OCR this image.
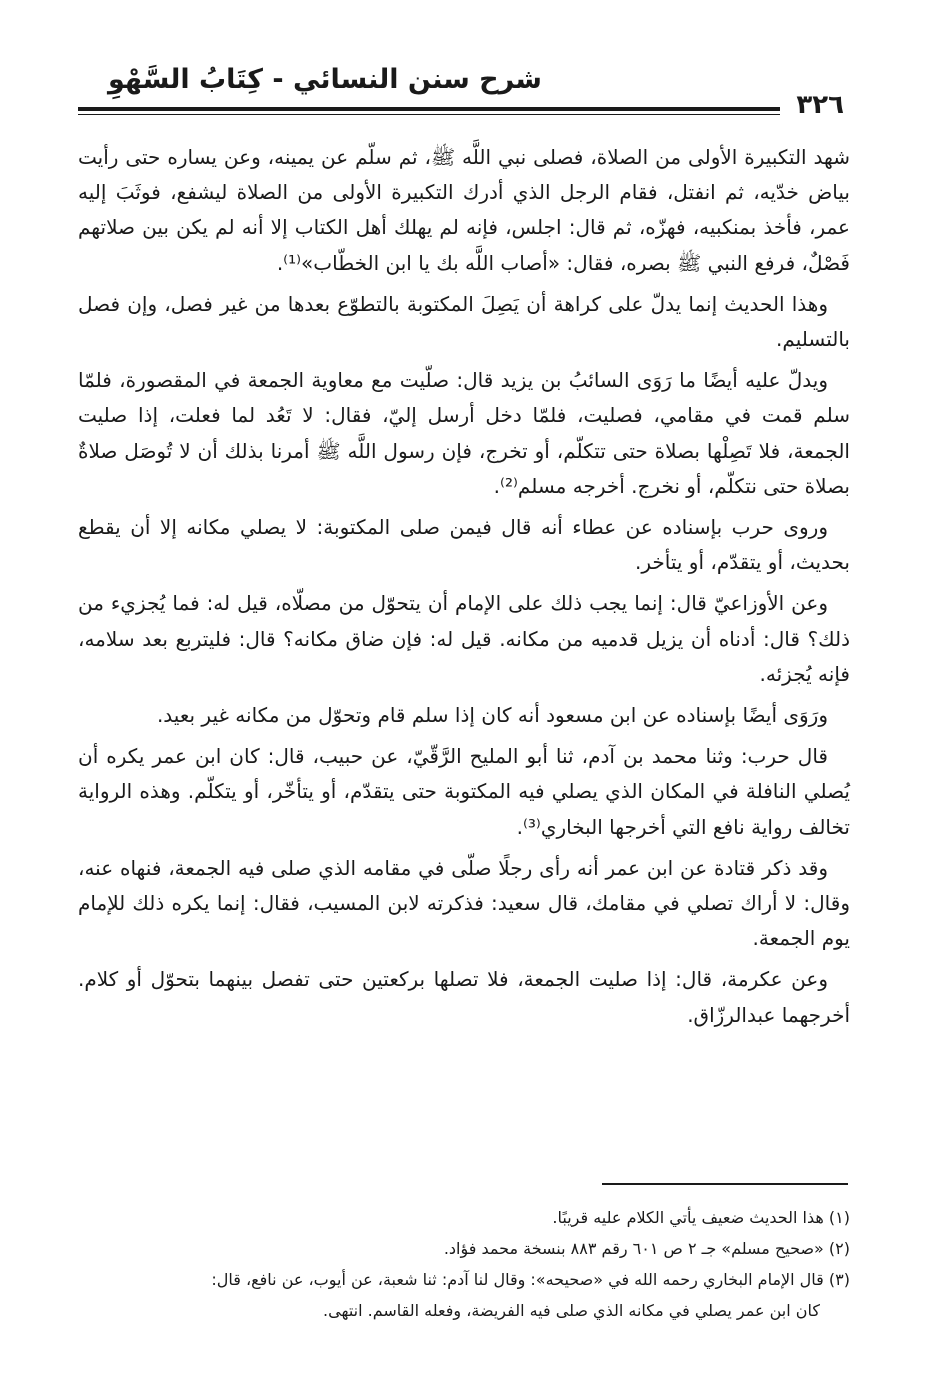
شرح سنن النسائي - كِتَابُ السَّهْوِ
٣٢٦

شهد التكبيرة الأولى من الصلاة، فصلى نبي اللَّه ﷺ، ثم سلّم عن يمينه، وعن يساره حتى رأيت بياض خدّيه، ثم انفتل، فقام الرجل الذي أدرك التكبيرة الأولى من الصلاة ليشفع، فوثَبَ إليه عمر، فأخذ بمنكبيه، فهزّه، ثم قال: اجلس، فإنه لم يهلك أهل الكتاب إلا أنه لم يكن بين صلاتهم فَصْلٌ، فرفع النبي ﷺ بصره، فقال: «أصاب اللَّه بك يا ابن الخطّاب»⁽¹⁾.

وهذا الحديث إنما يدلّ على كراهة أن يَصِلَ المكتوبة بالتطوّع بعدها من غير فصل، وإن فصل بالتسليم.

ويدلّ عليه أيضًا ما رَوَى السائبُ بن يزيد قال: صلّيت مع معاوية الجمعة في المقصورة، فلمّا سلم قمت في مقامي، فصليت، فلمّا دخل أرسل إليّ، فقال: لا تَعُد لما فعلت، إذا صليت الجمعة، فلا تَصِلْها بصلاة حتى تتكلّم، أو تخرج، فإن رسول اللَّه ﷺ أمرنا بذلك أن لا تُوصَل صلاةٌ بصلاة حتى نتكلّم، أو نخرج. أخرجه مسلم⁽²⁾.

وروى حرب بإسناده عن عطاء أنه قال فيمن صلى المكتوبة: لا يصلي مكانه إلا أن يقطع بحديث، أو يتقدّم، أو يتأخر.

وعن الأوزاعيّ قال: إنما يجب ذلك على الإمام أن يتحوّل من مصلّاه، قيل له: فما يُجزيء من ذلك؟ قال: أدناه أن يزيل قدميه من مكانه. قيل له: فإن ضاق مكانه؟ قال: فليتربع بعد سلامه، فإنه يُجزئه.

ورَوَى أيضًا بإسناده عن ابن مسعود أنه كان إذا سلم قام وتحوّل من مكانه غير بعيد.

قال حرب: وثنا محمد بن آدم، ثنا أبو المليح الرَّقّيّ، عن حبيب، قال: كان ابن عمر يكره أن يُصلي النافلة في المكان الذي يصلي فيه المكتوبة حتى يتقدّم، أو يتأخّر، أو يتكلّم. وهذه الرواية تخالف رواية نافع التي أخرجها البخاري⁽³⁾.

وقد ذكر قتادة عن ابن عمر أنه رأى رجلًا صلّى في مقامه الذي صلى فيه الجمعة، فنهاه عنه، وقال: لا أراك تصلي في مقامك، قال سعيد: فذكرته لابن المسيب، فقال: إنما يكره ذلك للإمام يوم الجمعة.

وعن عكرمة، قال: إذا صليت الجمعة، فلا تصلها بركعتين حتى تفصل بينهما بتحوّل أو كلام. أخرجهما عبدالرزّاق.

(١) هذا الحديث ضعيف يأتي الكلام عليه قريبًا.

(٢) «صحيح مسلم» جـ ٢ ص ٦٠١ رقم ٨٨٣ بنسخة محمد فؤاد.

(٣) قال الإمام البخاري رحمه الله في «صحيحه»: وقال لنا آدم: ثنا شعبة، عن أيوب، عن نافع، قال:

كان ابن عمر يصلي في مكانه الذي صلى فيه الفريضة، وفعله القاسم. انتهى.
